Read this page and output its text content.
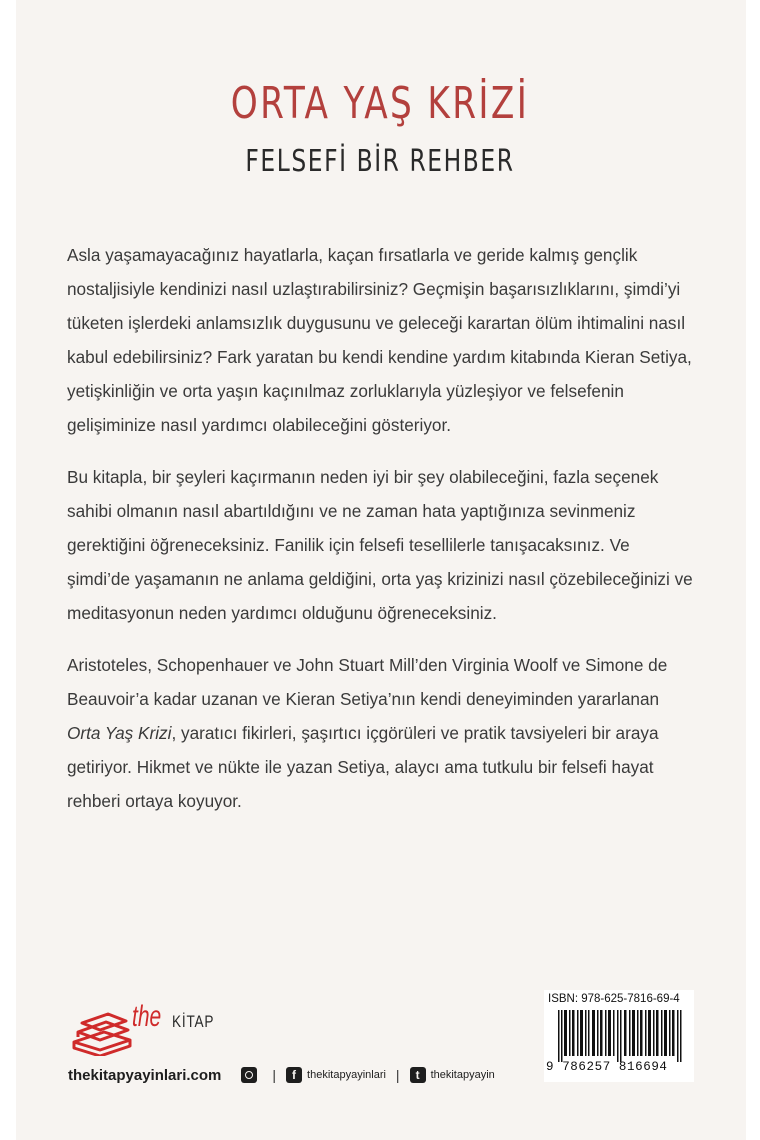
ORTA YAŞ KRİZİ
FELSEFİ BİR REHBER

Asla yaşamayacağınız hayatlarla, kaçan fırsatlarla ve geride kalmış gençlik nostaljisiyle kendinizi nasıl uzlaştırabilirsiniz? Geçmişin başarısızlıklarını, şimdi’yi tüketen işlerdeki anlamsızlık duygusunu ve geleceği karartan ölüm ihtimalini nasıl kabul edebilirsiniz? Fark yaratan bu kendi kendine yardım kitabında Kieran Setiya, yetişkinliğin ve orta yaşın kaçınılmaz zorluklarıyla yüzleşiyor ve felsefenin gelişiminize nasıl yardımcı olabileceğini gösteriyor.

Bu kitapla, bir şeyleri kaçırmanın neden iyi bir şey olabileceğini, fazla seçenek sahibi olmanın nasıl abartıldığını ve ne zaman hata yaptığınıza sevinmeniz gerektiğini öğreneceksiniz. Fanilik için felsefi tesellilerle tanışacaksınız. Ve şimdi’de yaşamanın ne anlama geldiğini, orta yaş krizinizi nasıl çözebileceğinizi ve meditasyonun neden yardımcı olduğunu öğreneceksiniz.

Aristoteles, Schopenhauer ve John Stuart Mill’den Virginia Woolf ve Simone de Beauvoir’a kadar uzanan ve Kieran Setiya’nın kendi deneyiminden yararlanan Orta Yaş Krizi, yaratıcı fikirleri, şaşırtıcı içgörüleri ve pratik tavsiyeleri bir araya getiriyor. Hikmet ve nükte ile yazan Setiya, alaycı ama tutkulu bir felsefi hayat rehberi ortaya koyuyor.

the KİTAP
thekitapyayinlari.com	|	f	thekitapyayinlari |	t	thekitapyayin
ISBN: 978-625-7816-69-4
9 786257 816694
